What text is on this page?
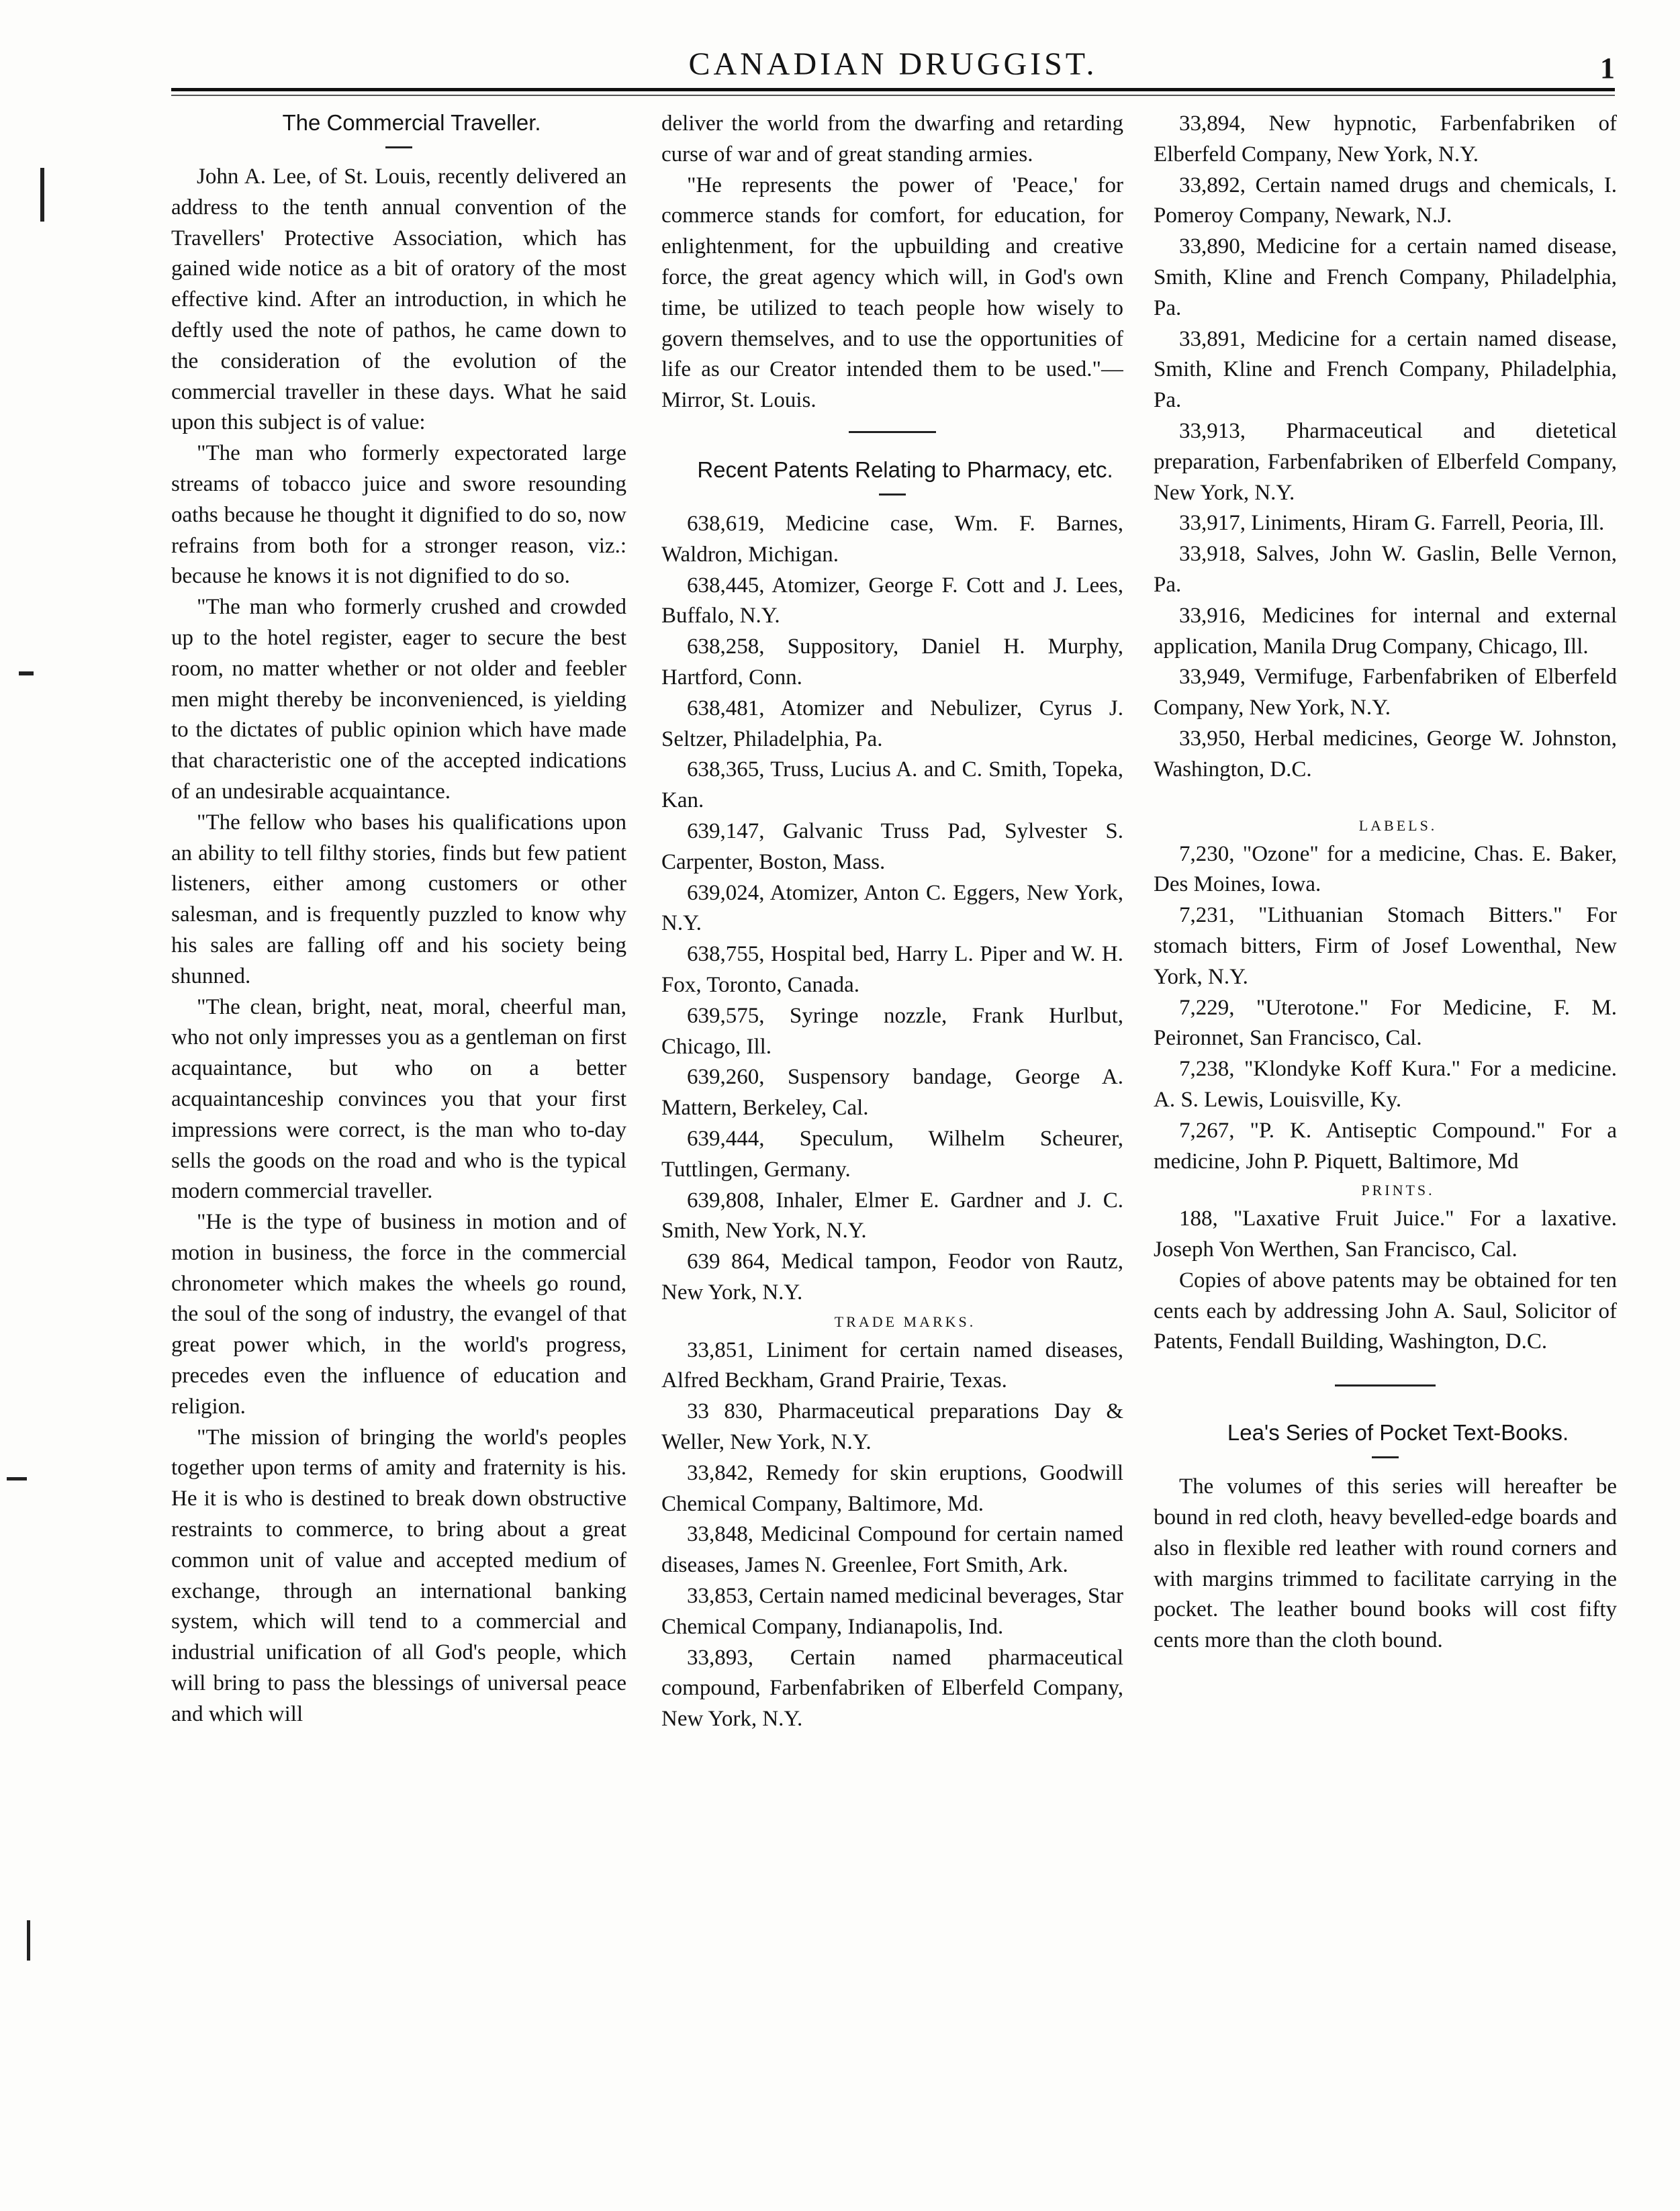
CANADIAN DRUGGIST.	1

The Commercial Traveller.

John A. Lee, of St. Louis, recently delivered an address to the tenth annual convention of the Travellers' Protective Association, which has gained wide notice as a bit of oratory of the most effective kind. After an introduction, in which he deftly used the note of pathos, he came down to the consideration of the evolution of the commercial traveller in these days. What he said upon this subject is of value:

"The man who formerly expectorated large streams of tobacco juice and swore resounding oaths because he thought it dignified to do so, now refrains from both for a stronger reason, viz.: because he knows it is not dignified to do so.

"The man who formerly crushed and crowded up to the hotel register, eager to secure the best room, no matter whether or not older and feebler men might thereby be inconvenienced, is yielding to the dictates of public opinion which have made that characteristic one of the accepted indications of an undesirable acquaintance.

"The fellow who bases his qualifications upon an ability to tell filthy stories, finds but few patient listeners, either among customers or other salesman, and is frequently puzzled to know why his sales are falling off and his society being shunned.

"The clean, bright, neat, moral, cheerful man, who not only impresses you as a gentleman on first acquaintance, but who on a better acquaintanceship convinces you that your first impressions were correct, is the man who to-day sells the goods on the road and who is the typical modern commercial traveller.

"He is the type of business in motion and of motion in business, the force in the commercial chronometer which makes the wheels go round, the soul of the song of industry, the evangel of that great power which, in the world's progress, precedes even the influence of education and religion.

"The mission of bringing the world's peoples together upon terms of amity and fraternity is his. He it is who is destined to break down obstructive restraints to commerce, to bring about a great common unit of value and accepted medium of exchange, through an international banking system, which will tend to a commercial and industrial unification of all God's people, which will bring to pass the blessings of universal peace and which will

deliver the world from the dwarfing and retarding curse of war and of great standing armies.

"He represents the power of 'Peace,' for commerce stands for comfort, for education, for enlightenment, for the upbuilding and creative force, the great agency which will, in God's own time, be utilized to teach people how wisely to govern themselves, and to use the opportunities of life as our Creator intended them to be used."—Mirror, St. Louis.

Recent Patents Relating to Pharmacy, etc.

638,619, Medicine case, Wm. F. Barnes, Waldron, Michigan.

638,445, Atomizer, George F. Cott and J. Lees, Buffalo, N.Y.

638,258, Suppository, Daniel H. Murphy, Hartford, Conn.

638,481, Atomizer and Nebulizer, Cyrus J. Seltzer, Philadelphia, Pa.

638,365, Truss, Lucius A. and C. Smith, Topeka, Kan.

639,147, Galvanic Truss Pad, Sylvester S. Carpenter, Boston, Mass.

639,024, Atomizer, Anton C. Eggers, New York, N.Y.

638,755, Hospital bed, Harry L. Piper and W. H. Fox, Toronto, Canada.

639,575, Syringe nozzle, Frank Hurlbut, Chicago, Ill.

639,260, Suspensory bandage, George A. Mattern, Berkeley, Cal.

639,444, Speculum, Wilhelm Scheurer, Tuttlingen, Germany.

639,808, Inhaler, Elmer E. Gardner and J. C. Smith, New York, N.Y.

639 864, Medical tampon, Feodor von Rautz, New York, N.Y.

TRADE MARKS.

33,851, Liniment for certain named diseases, Alfred Beckham, Grand Prairie, Texas.

33 830, Pharmaceutical preparations Day & Weller, New York, N.Y.

33,842, Remedy for skin eruptions, Goodwill Chemical Company, Baltimore, Md.

33,848, Medicinal Compound for certain named diseases, James N. Greenlee, Fort Smith, Ark.

33,853, Certain named medicinal beverages, Star Chemical Company, Indianapolis, Ind.

33,893, Certain named pharmaceutical compound, Farbenfabriken of Elberfeld Company, New York, N.Y.

33,894, New hypnotic, Farbenfabriken of Elberfeld Company, New York, N.Y.

33,892, Certain named drugs and chemicals, I. Pomeroy Company, Newark, N.J.

33,890, Medicine for a certain named disease, Smith, Kline and French Company, Philadelphia, Pa.

33,891, Medicine for a certain named disease, Smith, Kline and French Company, Philadelphia, Pa.

33,913, Pharmaceutical and dietetical preparation, Farbenfabriken of Elberfeld Company, New York, N.Y.

33,917, Liniments, Hiram G. Farrell, Peoria, Ill.

33,918, Salves, John W. Gaslin, Belle Vernon, Pa.

33,916, Medicines for internal and external application, Manila Drug Company, Chicago, Ill.

33,949, Vermifuge, Farbenfabriken of Elberfeld Company, New York, N.Y.

33,950, Herbal medicines, George W. Johnston, Washington, D.C.

LABELS.

7,230, "Ozone" for a medicine, Chas. E. Baker, Des Moines, Iowa.

7,231, "Lithuanian Stomach Bitters." For stomach bitters, Firm of Josef Lowenthal, New York, N.Y.

7,229, "Uterotone." For Medicine, F. M. Peironnet, San Francisco, Cal.

7,238, "Klondyke Koff Kura." For a medicine. A. S. Lewis, Louisville, Ky.

7,267, "P. K. Antiseptic Compound." For a medicine, John P. Piquett, Baltimore, Md

PRINTS.

188, "Laxative Fruit Juice." For a laxative. Joseph Von Werthen, San Francisco, Cal.

Copies of above patents may be obtained for ten cents each by addressing John A. Saul, Solicitor of Patents, Fendall Building, Washington, D.C.

Lea's Series of Pocket Text-Books.

The volumes of this series will hereafter be bound in red cloth, heavy bevelled-edge boards and also in flexible red leather with round corners and with margins trimmed to facilitate carrying in the pocket. The leather bound books will cost fifty cents more than the cloth bound.
